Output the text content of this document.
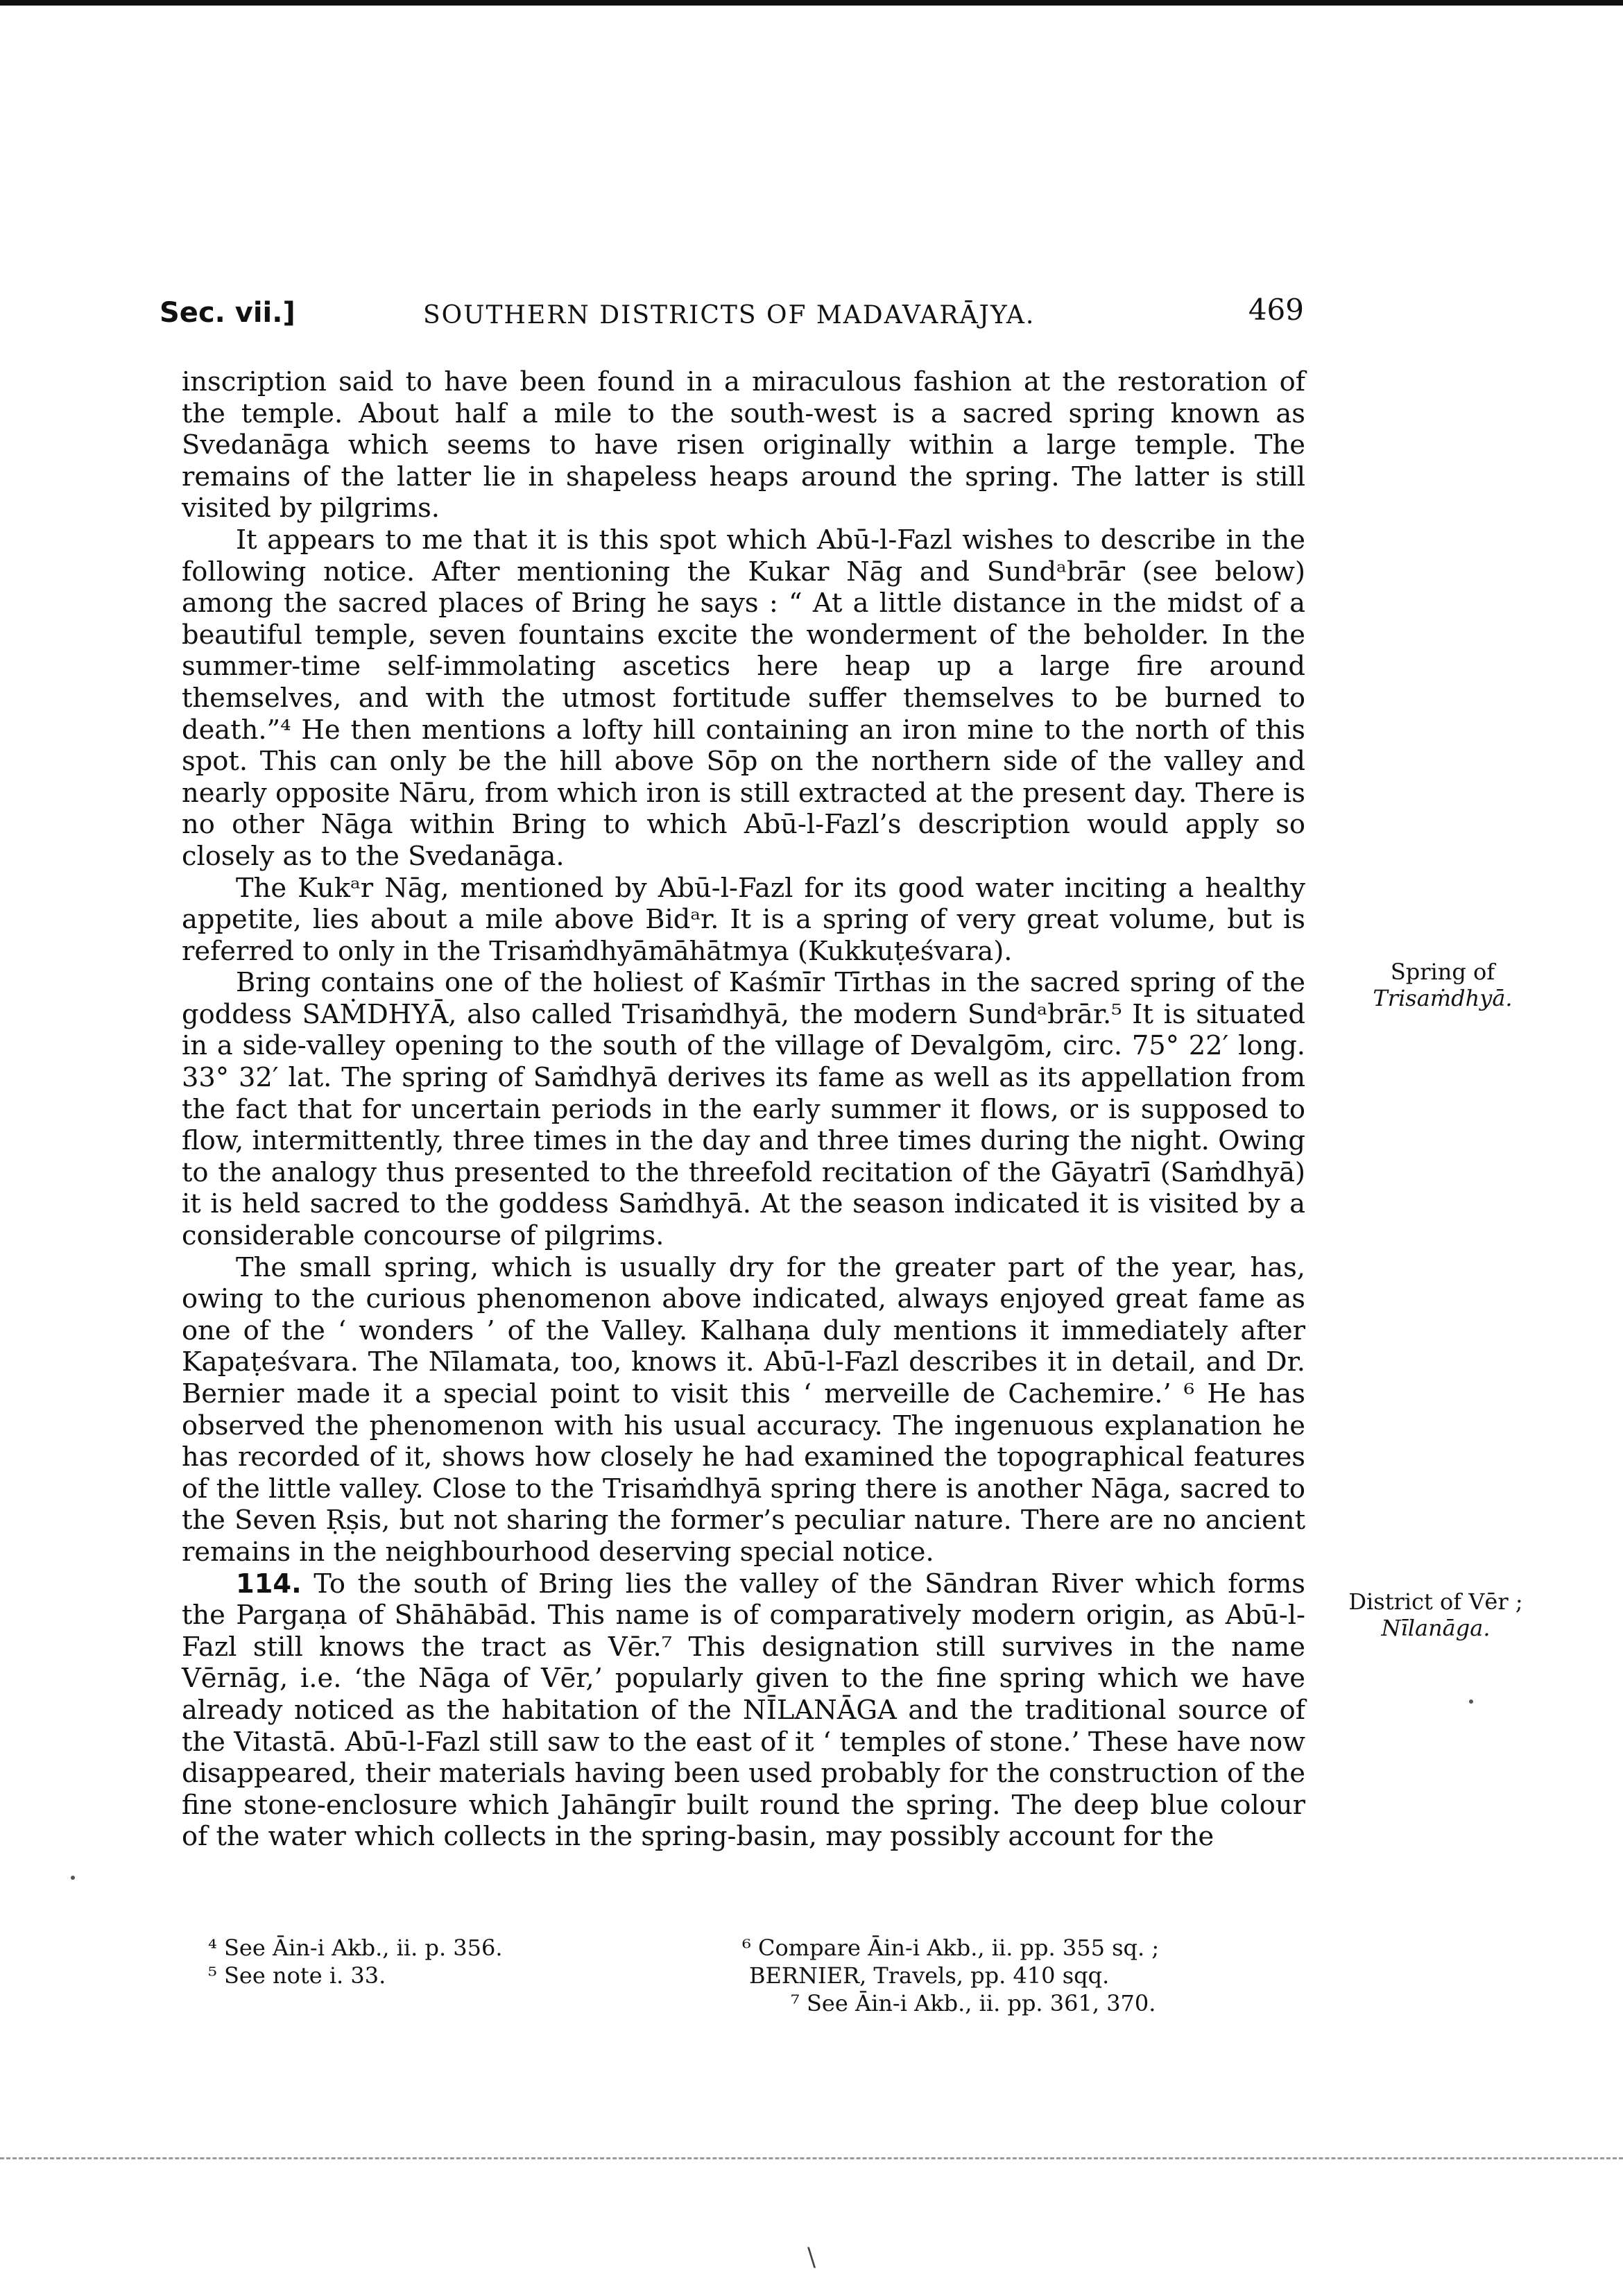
Sec. vii.]	SOUTHERN DISTRICTS OF MADAVARĀJYA.	469

inscription said to have been found in a miraculous fashion at the restoration of the temple. About half a mile to the south-west is a sacred spring known as Svedanāga which seems to have risen originally within a large temple. The remains of the latter lie in shapeless heaps around the spring. The latter is still visited by pilgrims.

It appears to me that it is this spot which Abū-l-Fazl wishes to describe in the following notice. After mentioning the Kukar Nāg and Sundᵃbrār (see below) among the sacred places of Bring he says : “ At a little distance in the midst of a beautiful temple, seven fountains excite the wonderment of the beholder. In the summer-time self-immolating ascetics here heap up a large fire around themselves, and with the utmost fortitude suffer themselves to be burned to death.”⁴ He then mentions a lofty hill containing an iron mine to the north of this spot. This can only be the hill above Sōp on the northern side of the valley and nearly opposite Nāru, from which iron is still extracted at the present day. There is no other Nāga within Bring to which Abū-l-Fazl’s description would apply so closely as to the Svedanāga.

The Kukᵃr Nāg, mentioned by Abū-l-Fazl for its good water inciting a healthy appetite, lies about a mile above Bidᵃr. It is a spring of very great volume, but is referred to only in the Trisaṁdhyāmāhātmya (Kukkuṭeśvara).

Bring contains one of the holiest of Kaśmīr Tīrthas in the sacred spring of the goddess SAṀDHYĀ, also called Trisaṁdhyā, the modern Sundᵃbrār.⁵ It is situated in a side-valley opening to the south of the village of Devalgōm, circ. 75° 22′ long. 33° 32′ lat. The spring of Saṁdhyā derives its fame as well as its appellation from the fact that for uncertain periods in the early summer it flows, or is supposed to flow, intermittently, three times in the day and three times during the night. Owing to the analogy thus presented to the threefold recitation of the Gāyatrī (Saṁdhyā) it is held sacred to the goddess Saṁdhyā. At the season indicated it is visited by a considerable concourse of pilgrims.

The small spring, which is usually dry for the greater part of the year, has, owing to the curious phenomenon above indicated, always enjoyed great fame as one of the ‘ wonders ’ of the Valley. Kalhaṇa duly mentions it immediately after Kapaṭeśvara. The Nīlamata, too, knows it. Abū-l-Fazl describes it in detail, and Dr. Bernier made it a special point to visit this ‘ merveille de Cachemire.’ ⁶ He has observed the phenomenon with his usual accuracy. The ingenuous explanation he has recorded of it, shows how closely he had examined the topographical features of the little valley. Close to the Trisaṁdhyā spring there is another Nāga, sacred to the Seven Ṛṣis, but not sharing the former’s peculiar nature. There are no ancient remains in the neighbourhood deserving special notice.

114. To the south of Bring lies the valley of the Sāndran River which forms the Pargaṇa of Shāhābād. This name is of comparatively modern origin, as Abū-l-Fazl still knows the tract as Vēr.⁷ This designation still survives in the name Vērnāg, i.e. ‘the Nāga of Vēr,’ popularly given to the fine spring which we have already noticed as the habitation of the NĪLANĀGA and the traditional source of the Vitastā. Abū-l-Fazl still saw to the east of it ‘ temples of stone.’ These have now disappeared, their materials having been used probably for the construction of the fine stone-enclosure which Jahāngīr built round the spring. The deep blue colour of the water which collects in the spring-basin, may possibly account for the

Spring of
Trisaṁdhyā.
District of Vēr ;
Nīlanāga.
⁴ See Āin-i Akb., ii. p. 356.
⁵ See note i. 33.
⁶ Compare Āin-i Akb., ii. pp. 355 sq. ;
BERNIER, Travels, pp. 410 sqq.
⁷ See Āin-i Akb., ii. pp. 361, 370.
\
